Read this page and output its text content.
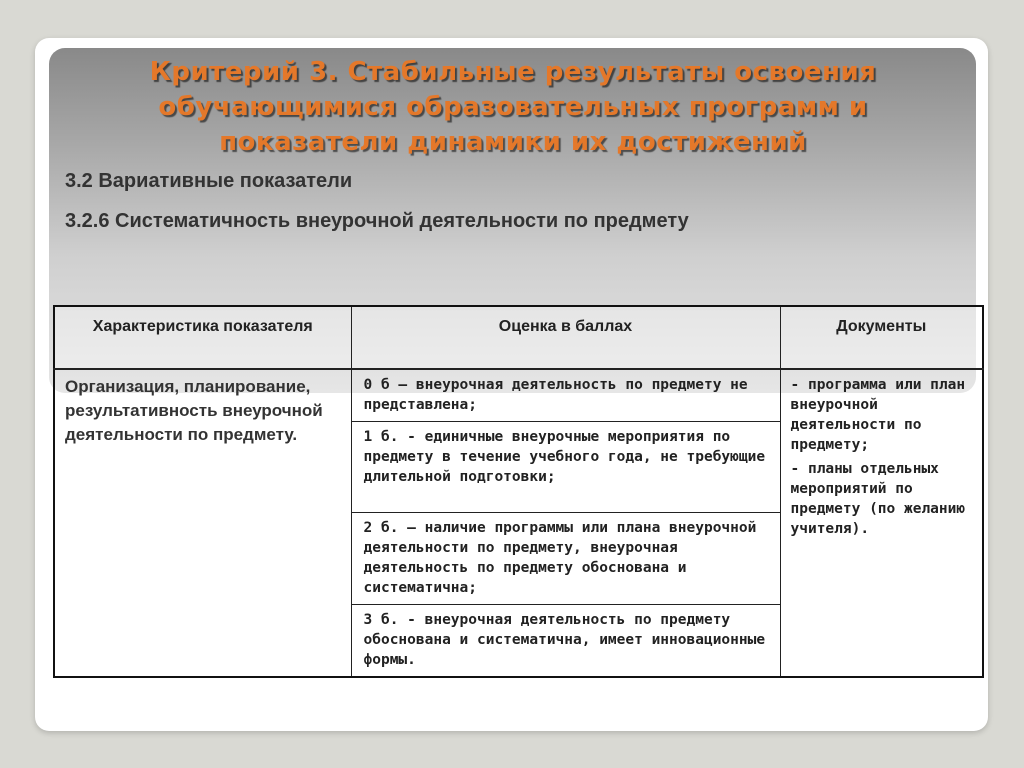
Критерий 3. Стабильные результаты освоения обучающимися образовательных программ и показатели динамики их достижений

3.2 Вариативные показатели

3.2.6 Систематичность внеурочной деятельности по предмету

Характеристика показателя	Оценка в баллах	Документы
Организация, планирование, результативность внеурочной деятельности по предмету.	0 б – внеурочная деятельность по предмету не представлена;	- программа или план внеурочной деятельности по предмету;

- планы отдельных мероприятий по предмету (по желанию учителя).

	1 б. - единичные внеурочные мероприятия по предмету в течение учебного года, не требующие длительной подготовки;	
	2 б. – наличие программы или плана внеурочной деятельности по предмету, внеурочная деятельность по предмету обоснована и систематична;	
	3 б. - внеурочная деятельность по предмету обоснована и систематична, имеет инновационные формы.	
